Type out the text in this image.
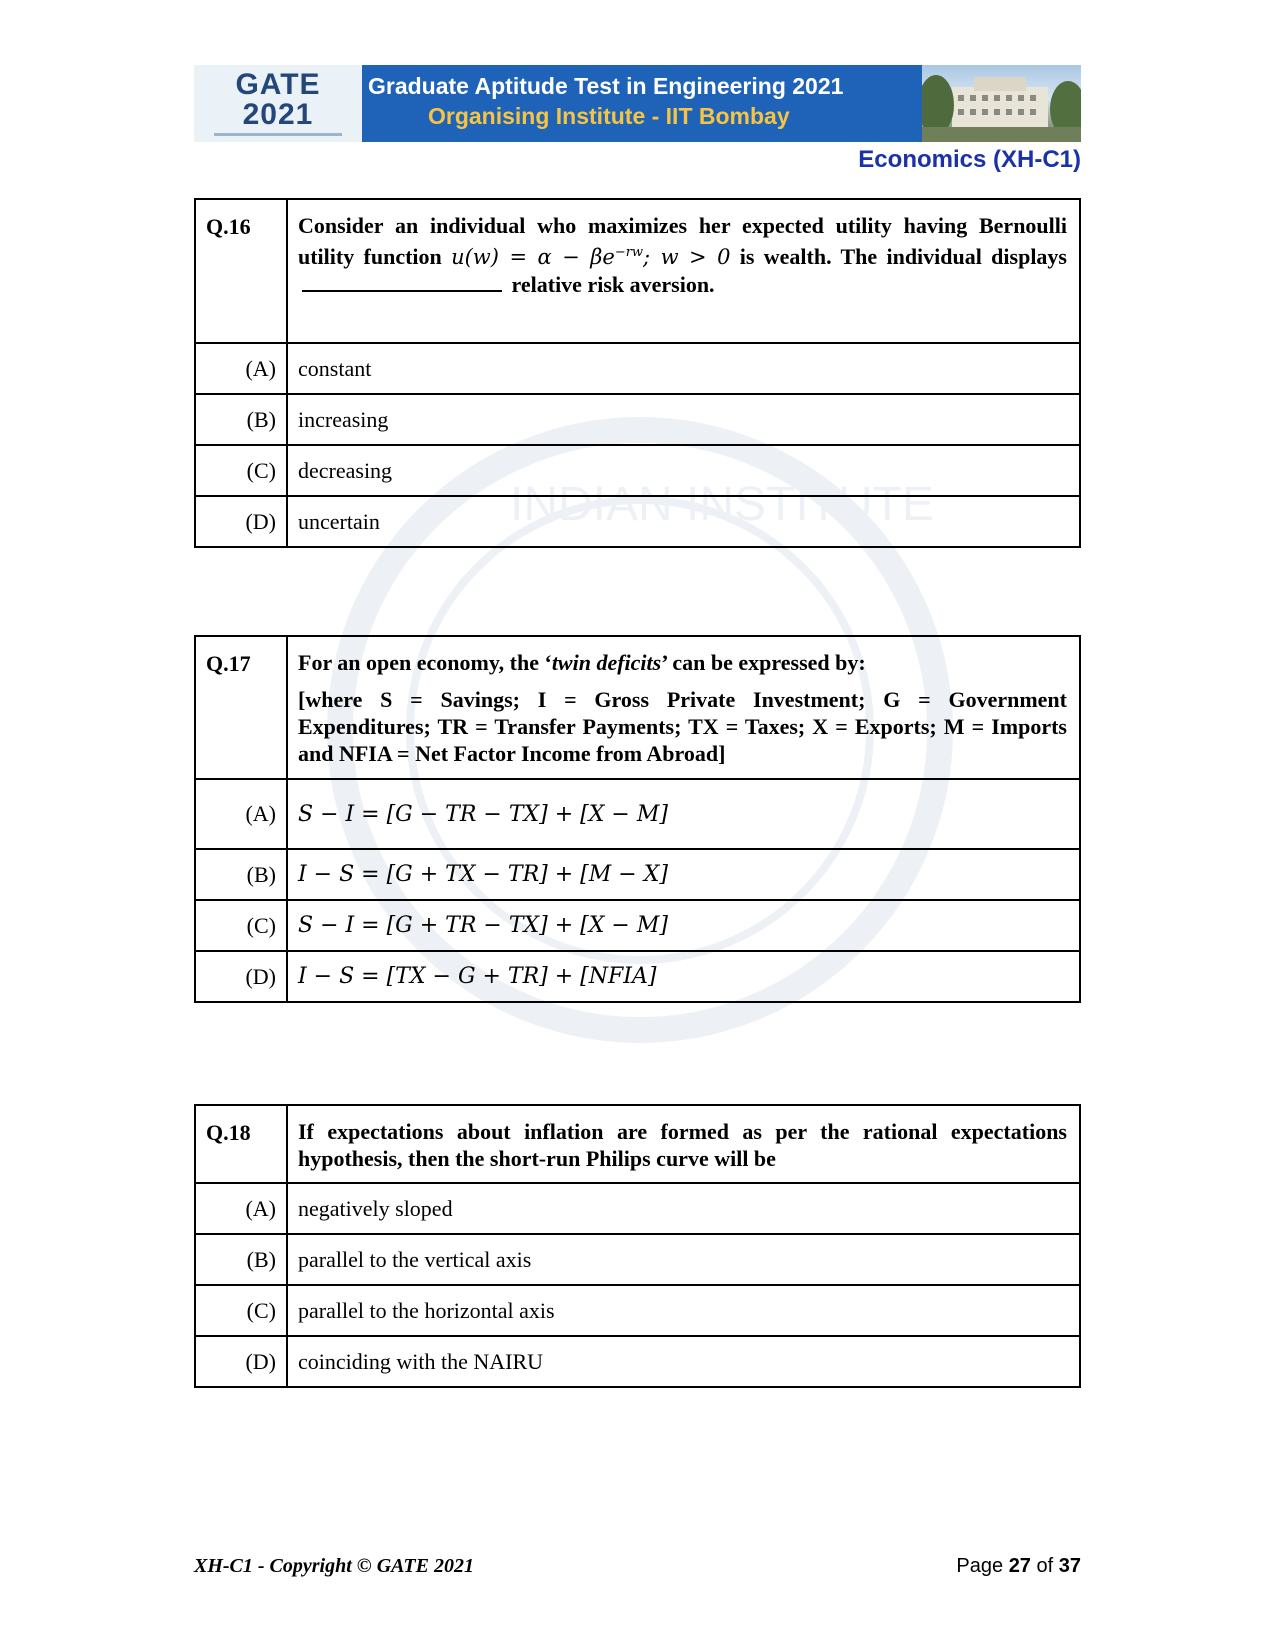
INDIAN INSTITUTE
GATE
2021
Graduate Aptitude Test in Engineering 2021
Organising Institute - IIT Bombay
Economics (XH-C1)
Q.16	Consider an individual who maximizes her expected utility having Bernoulli utility function $u(w) = \alpha - \beta e^{-rw}$; w > 0 is wealth. The individual displays  relative risk aversion.
(A)	constant
(B)	increasing
(C)	decreasing
(D)	uncertain
Q.17	For an open economy, the ‘twin deficits’ can be expressed by:

[where S = Savings; I = Gross Private Investment; G = Government Expenditures; TR = Transfer Payments; TX = Taxes; X = Exports; M = Imports and NFIA = Net Factor Income from Abroad]

(A)	S − I = [G − TR − TX] + [X − M]
(B)	I − S = [G + TX − TR] + [M − X]
(C)	S − I = [G + TR − TX] + [X − M]
(D)	I − S = [TX − G + TR] + [NFIA]
Q.18	If expectations about inflation are formed as per the rational expectations hypothesis, then the short-run Philips curve will be
(A)	negatively sloped
(B)	parallel to the vertical axis
(C)	parallel to the horizontal axis
(D)	coinciding with the NAIRU
XH-C1 - Copyright © GATE 2021	Page 27 of 37
